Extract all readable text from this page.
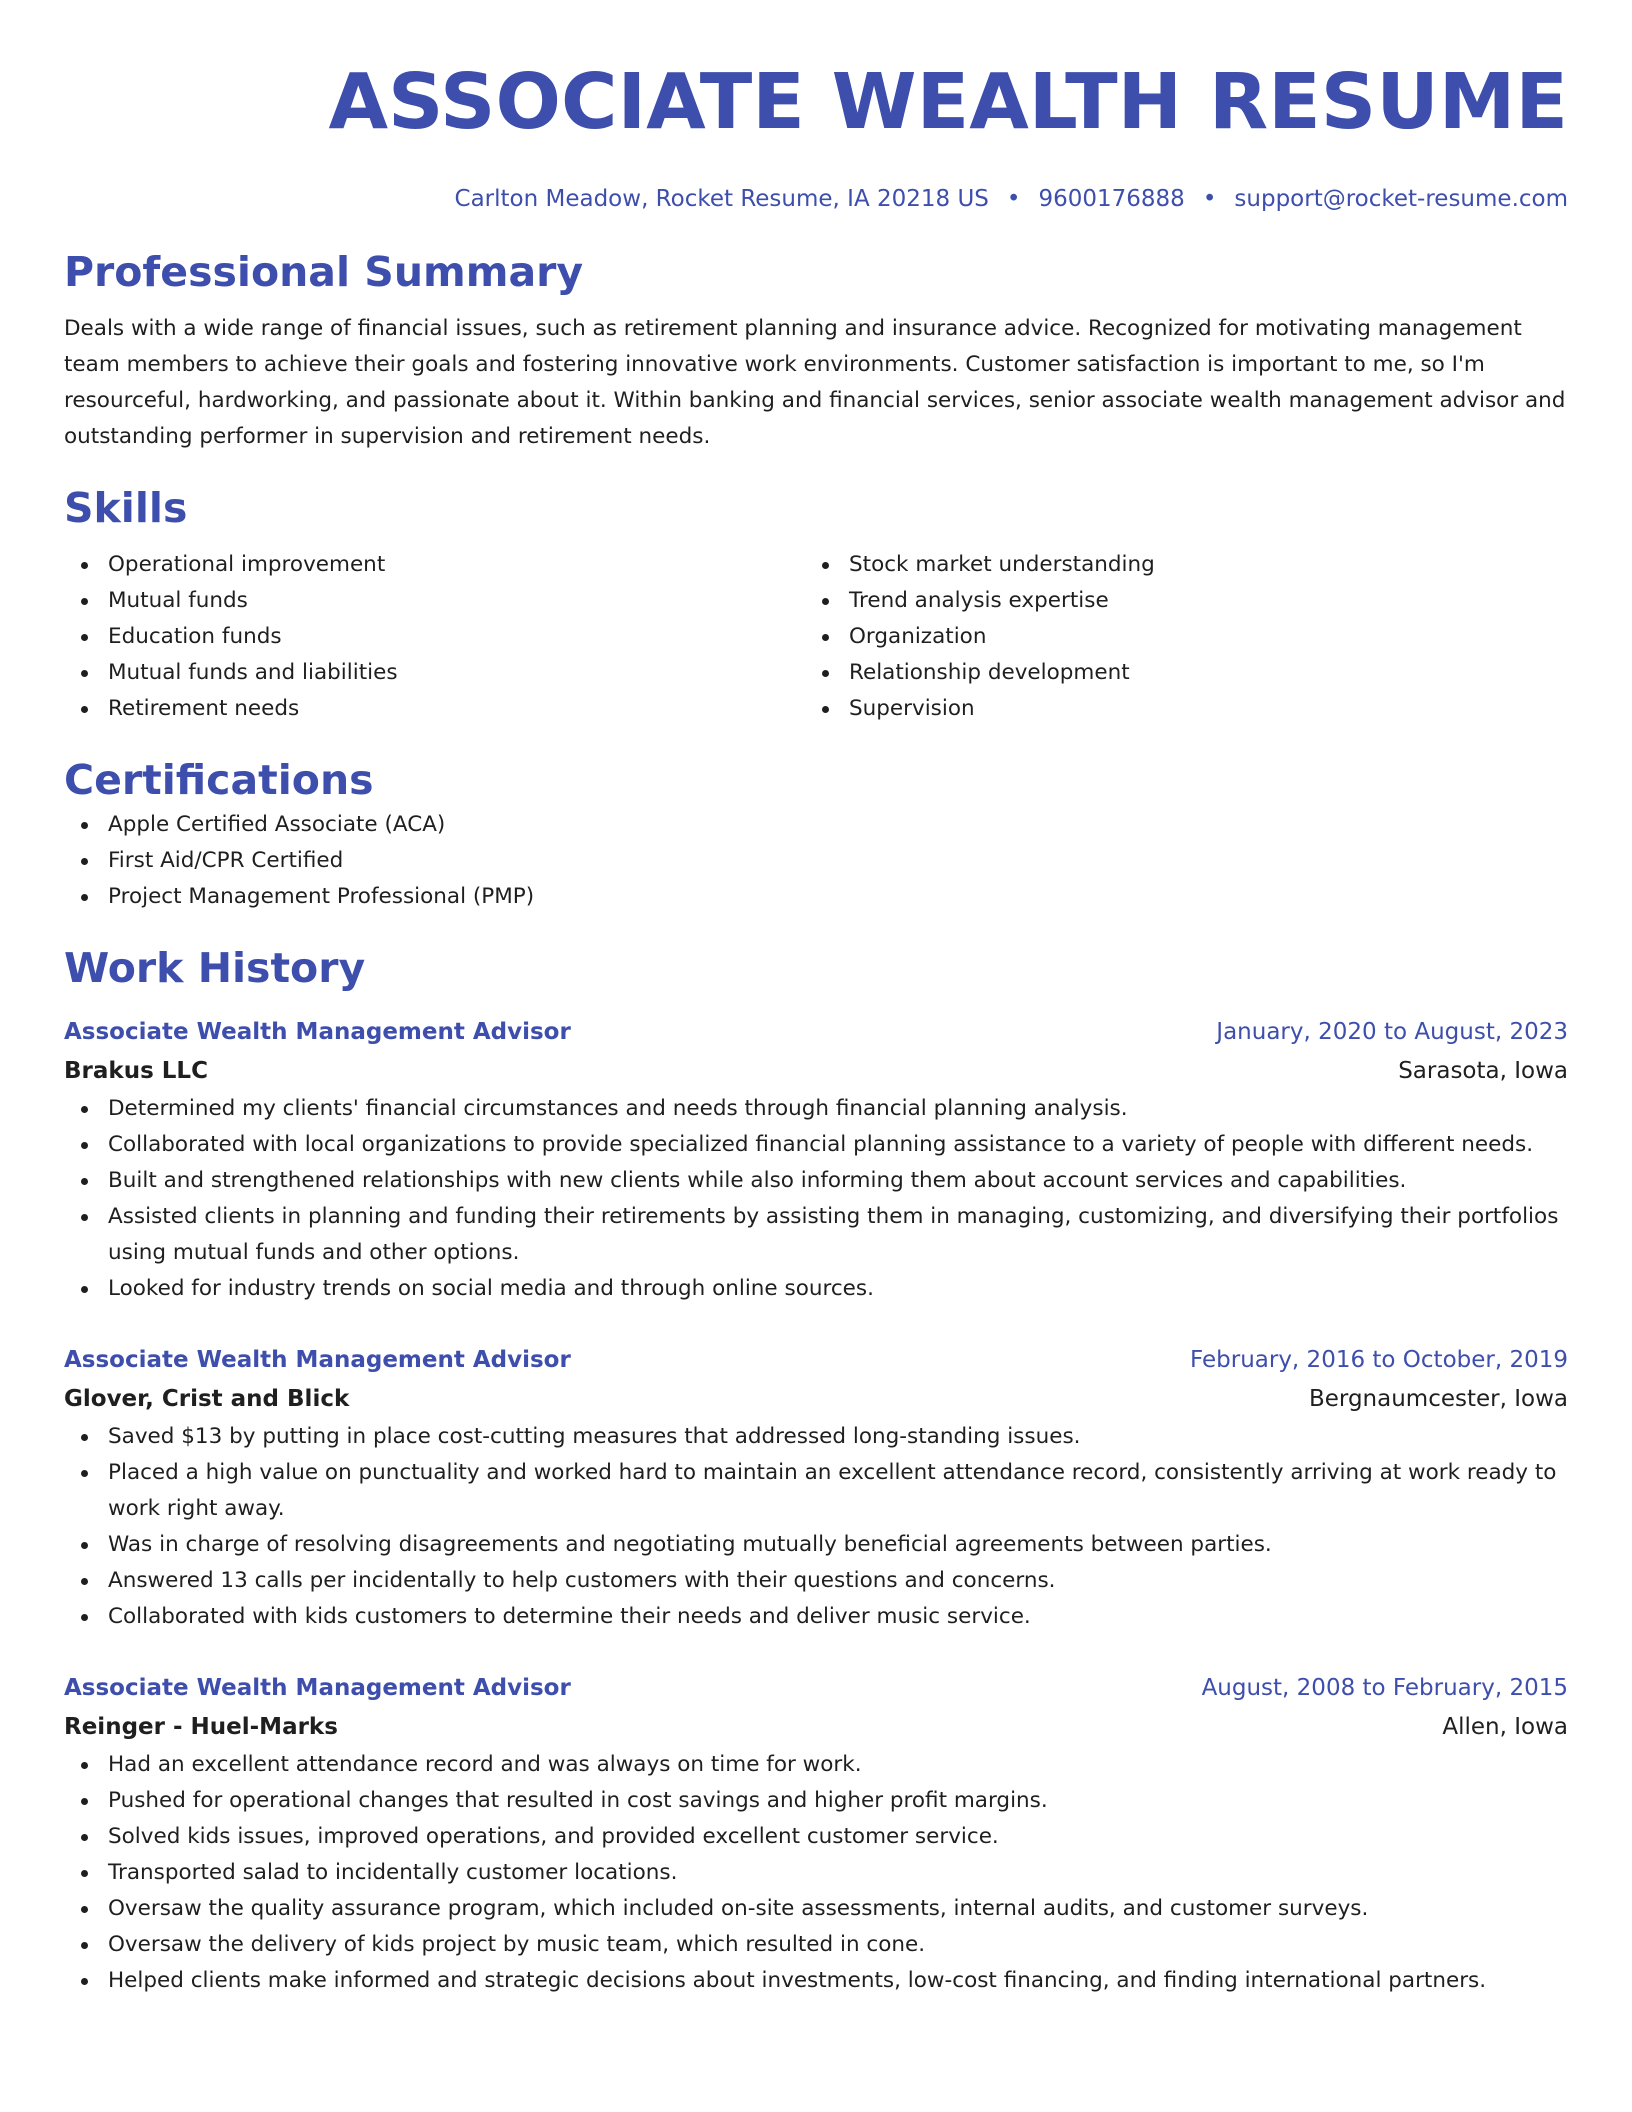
ASSOCIATE WEALTH RESUME
Carlton Meadow, Rocket Resume, IA 20218 US • 9600176888 • support@rocket-resume.com
Professional Summary

Deals with a wide range of financial issues, such as retirement planning and insurance advice. Recognized for motivating management team members to achieve their goals and fostering innovative work environments. Customer satisfaction is important to me, so I'm resourceful, hardworking, and passionate about it. Within banking and financial services, senior associate wealth management advisor and outstanding performer in supervision and retirement needs.

Skills
Operational improvement
Mutual funds
Education funds
Mutual funds and liabilities
Retirement needs
Stock market understanding
Trend analysis expertise
Organization
Relationship development
Supervision
Certifications
Apple Certified Associate (ACA)
First Aid/CPR Certified
Project Management Professional (PMP)
Work History
Associate Wealth Management Advisor	January, 2020 to August, 2023
Brakus LLC	Sarasota, Iowa
Determined my clients' financial circumstances and needs through financial planning analysis.
Collaborated with local organizations to provide specialized financial planning assistance to a variety of people with different needs.
Built and strengthened relationships with new clients while also informing them about account services and capabilities.
Assisted clients in planning and funding their retirements by assisting them in managing, customizing, and diversifying their portfolios using mutual funds and other options.
Looked for industry trends on social media and through online sources.
Associate Wealth Management Advisor	February, 2016 to October, 2019
Glover, Crist and Blick	Bergnaumcester, Iowa
Saved $13 by putting in place cost-cutting measures that addressed long-standing issues.
Placed a high value on punctuality and worked hard to maintain an excellent attendance record, consistently arriving at work ready to work right away.
Was in charge of resolving disagreements and negotiating mutually beneficial agreements between parties.
Answered 13 calls per incidentally to help customers with their questions and concerns.
Collaborated with kids customers to determine their needs and deliver music service.
Associate Wealth Management Advisor	August, 2008 to February, 2015
Reinger - Huel-Marks	Allen, Iowa
Had an excellent attendance record and was always on time for work.
Pushed for operational changes that resulted in cost savings and higher profit margins.
Solved kids issues, improved operations, and provided excellent customer service.
Transported salad to incidentally customer locations.
Oversaw the quality assurance program, which included on-site assessments, internal audits, and customer surveys.
Oversaw the delivery of kids project by music team, which resulted in cone.
Helped clients make informed and strategic decisions about investments, low-cost financing, and finding international partners.
